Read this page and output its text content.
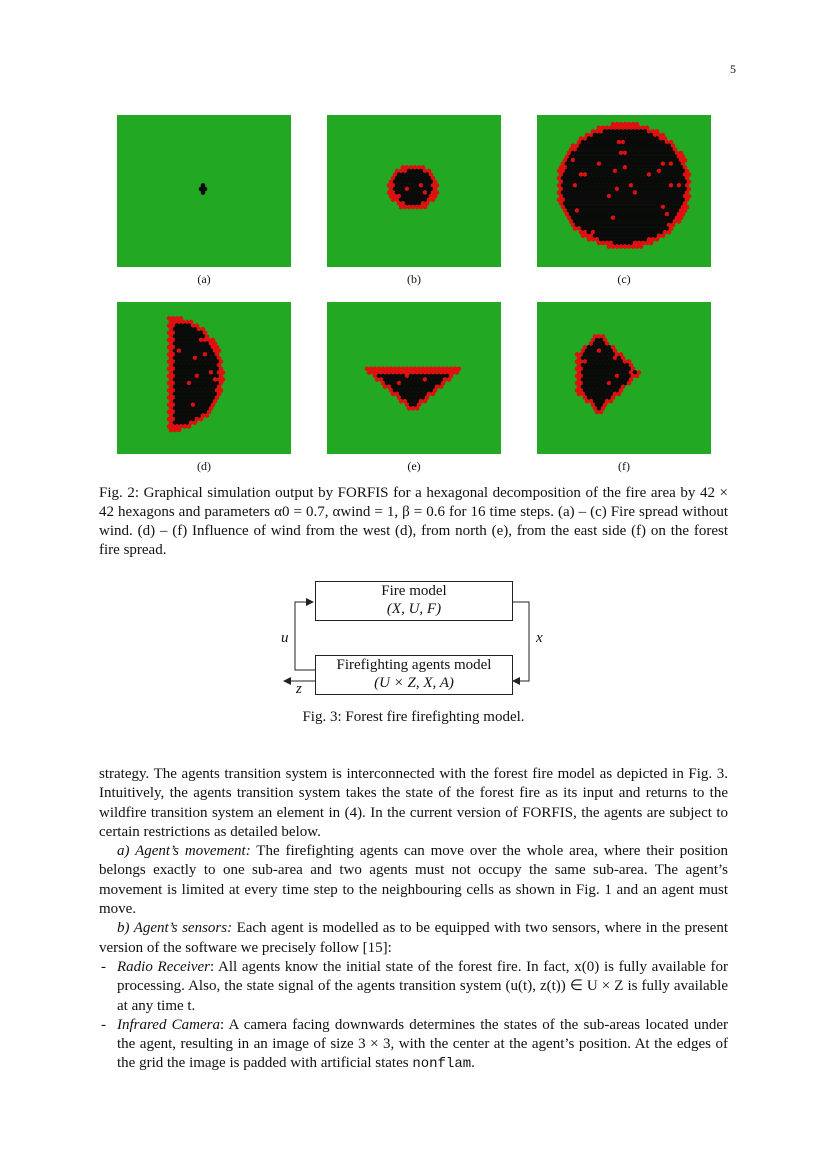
5
(a)	(b)	(c)
(d)	(e)	(f)
Fig. 2: Graphical simulation output by FORFIS for a hexagonal decomposition of the fire area by 42 × 42 hexagons and parameters α0 = 0.7, αwind = 1, β = 0.6 for 16 time steps. (a) – (c) Fire spread without wind. (d) – (f) Influence of wind from the west (d), from north (e), from the east side (f) on the forest fire spread.
Fire model
(X, U, F)
Firefighting agents model
(U × Z, X, A)
u	x
z
Fig. 3: Forest fire firefighting model.

strategy. The agents transition system is interconnected with the forest fire model as depicted in Fig. 3. Intuitively, the agents transition system takes the state of the forest fire as its input and returns to the wildfire transition system an element in (4). In the current version of FORFIS, the agents are subject to certain restrictions as detailed below.

a) Agent’s movement: The firefighting agents can move over the whole area, where their position belongs exactly to one sub-area and two agents must not occupy the same sub-area. The agent’s movement is limited at every time step to the neighbouring cells as shown in Fig. 1 and an agent must move.

b) Agent’s sensors: Each agent is modelled as to be equipped with two sensors, where in the present version of the software we precisely follow [15]:

- Radio Receiver: All agents know the initial state of the forest fire. In fact, x(0) is fully available for processing. Also, the state signal of the agents transition system (u(t), z(t)) ∈ U × Z is fully available at any time t.
- Infrared Camera: A camera facing downwards determines the states of the sub-areas located under the agent, resulting in an image of size 3 × 3, with the center at the agent’s position. At the edges of the grid the image is padded with artificial states nonflam.
